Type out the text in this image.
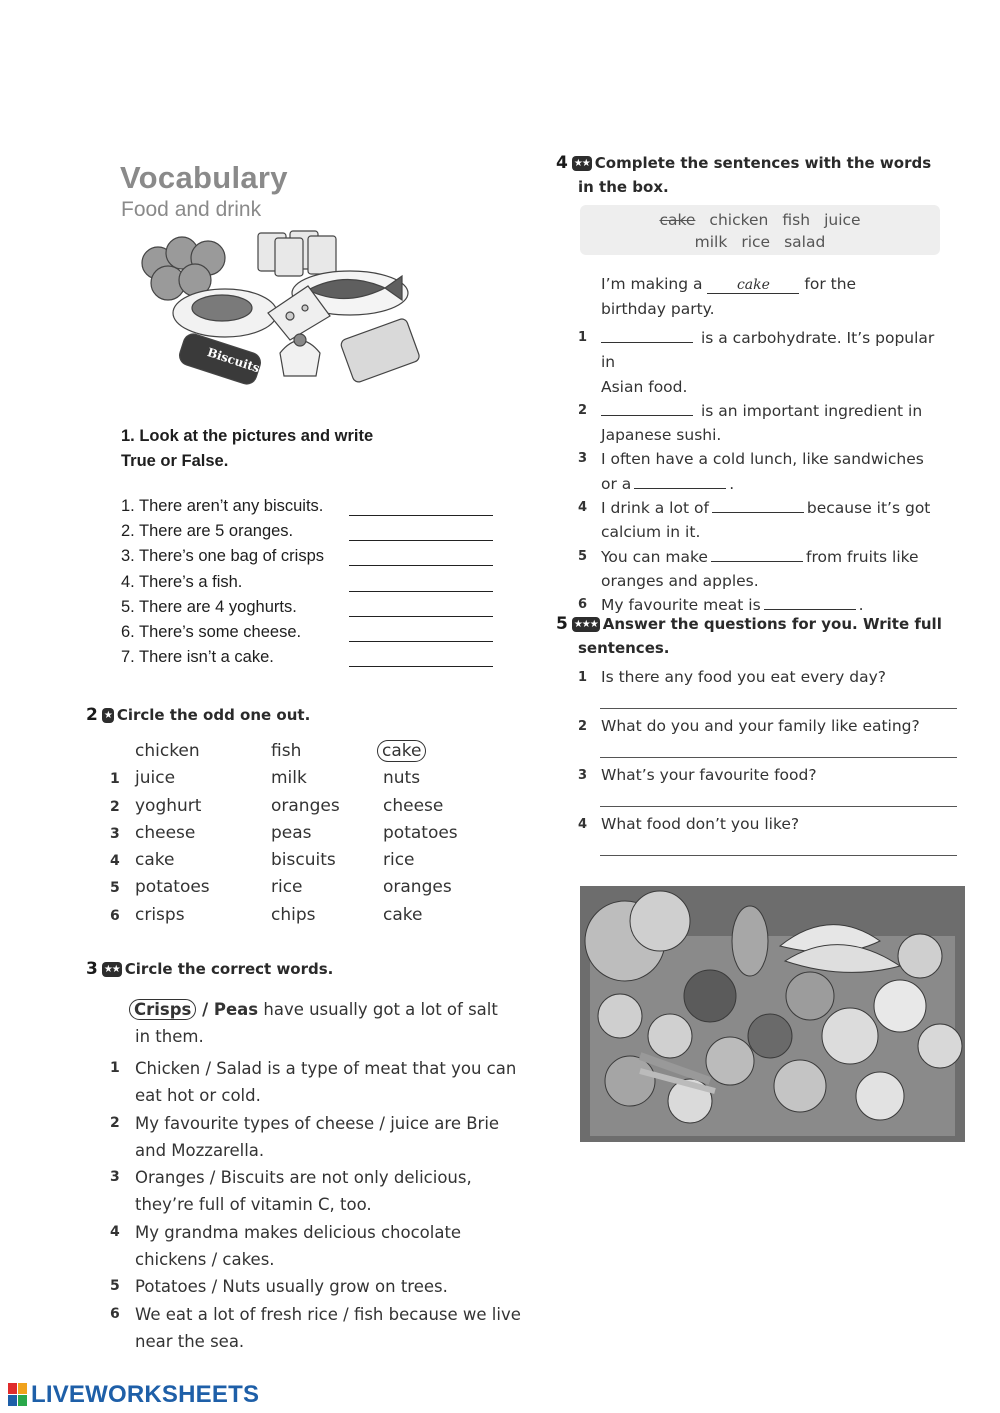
Vocabulary
Food and drink
Biscuits
1. Look at the pictures and write
True or False.
1. There aren’t any biscuits.
2. There are 5 oranges.
3. There’s one bag of crisps
4. There’s a fish.
5. There are 4 yoghurts.
6. There’s some cheese.
7. There isn’t a cake.
2 ★ Circle the odd one out.
chicken	fish	cake
1 juice	milk	nuts
2 yoghurt	oranges	cheese
3 cheese	peas	potatoes
4 cake	biscuits	rice
5 potatoes	rice	oranges
6 crisps	chips	cake
3 ★★ Circle the correct words.
Crisps / Peas have usually got a lot of salt
in them.
1 Chicken / Salad is a type of meat that you can
eat hot or cold.
2 My favourite types of cheese / juice are Brie
and Mozzarella.
3 Oranges / Biscuits are not only delicious,
they’re full of vitamin C, too.
4 My grandma makes delicious chocolate
chickens / cakes.
5 Potatoes / Nuts usually grow on trees.
6 We eat a lot of fresh rice / fish because we live
near the sea.
4 ★★ Complete the sentences with the words
in the box.
cake chicken fish juice
milk rice salad
I’m making a cake for the
birthday party.
1	is a carbohydrate. It’s popular in
Asian food.
2	is an important ingredient in
Japanese sushi.
3 I often have a cold lunch, like sandwiches
or a	.
4 I drink a lot of	because it’s got
calcium in it.
5 You can make	from fruits like
oranges and apples.
6 My favourite meat is	.
5 ★★★ Answer the questions for you. Write full
sentences.
1 Is there any food you eat every day?
2 What do you and your family like eating?
3 What’s your favourite food?
4 What food don’t you like?
LIVEWORKSHEETS
